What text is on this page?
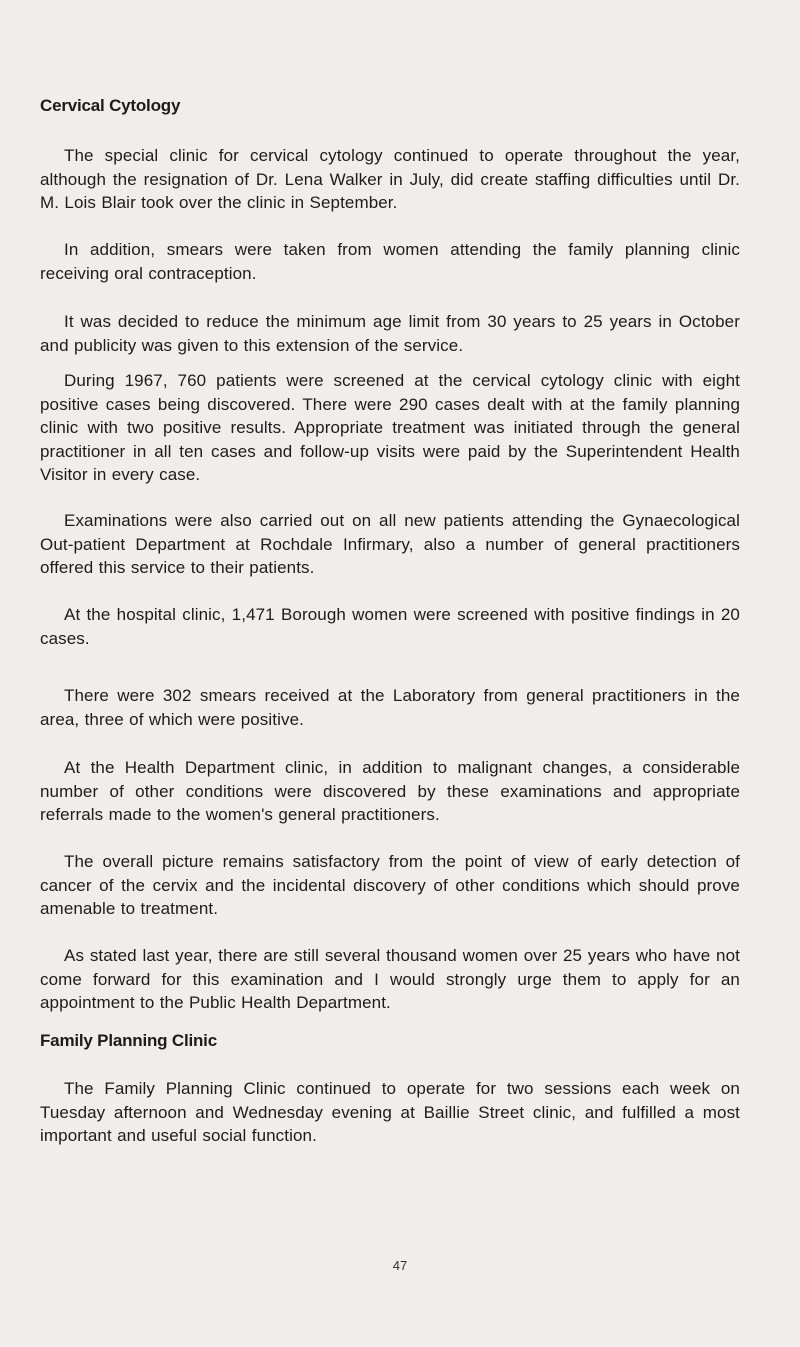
Cervical Cytology

The special clinic for cervical cytology continued to operate throughout the year, although the resignation of Dr. Lena Walker in July, did create staffing difficulties until Dr. M. Lois Blair took over the clinic in September.

In addition, smears were taken from women attending the family planning clinic receiving oral contraception.

It was decided to reduce the minimum age limit from 30 years to 25 years in October and publicity was given to this extension of the service.

During 1967, 760 patients were screened at the cervical cytology clinic with eight positive cases being discovered. There were 290 cases dealt with at the family planning clinic with two positive results. Appropriate treatment was initiated through the general practitioner in all ten cases and follow-up visits were paid by the Superintendent Health Visitor in every case.

Examinations were also carried out on all new patients attending the Gynaecological Out-patient Department at Rochdale Infirmary, also a number of general practitioners offered this service to their patients.

At the hospital clinic, 1,471 Borough women were screened with positive findings in 20 cases.

There were 302 smears received at the Laboratory from general practitioners in the area, three of which were positive.

At the Health Department clinic, in addition to malignant changes, a considerable number of other conditions were discovered by these examinations and appropriate referrals made to the women's general practitioners.

The overall picture remains satisfactory from the point of view of early detection of cancer of the cervix and the incidental discovery of other conditions which should prove amenable to treatment.

As stated last year, there are still several thousand women over 25 years who have not come forward for this examination and I would strongly urge them to apply for an appointment to the Public Health Department.

Family Planning Clinic

The Family Planning Clinic continued to operate for two sessions each week on Tuesday afternoon and Wednesday evening at Baillie Street clinic, and fulfilled a most important and useful social function.

47
